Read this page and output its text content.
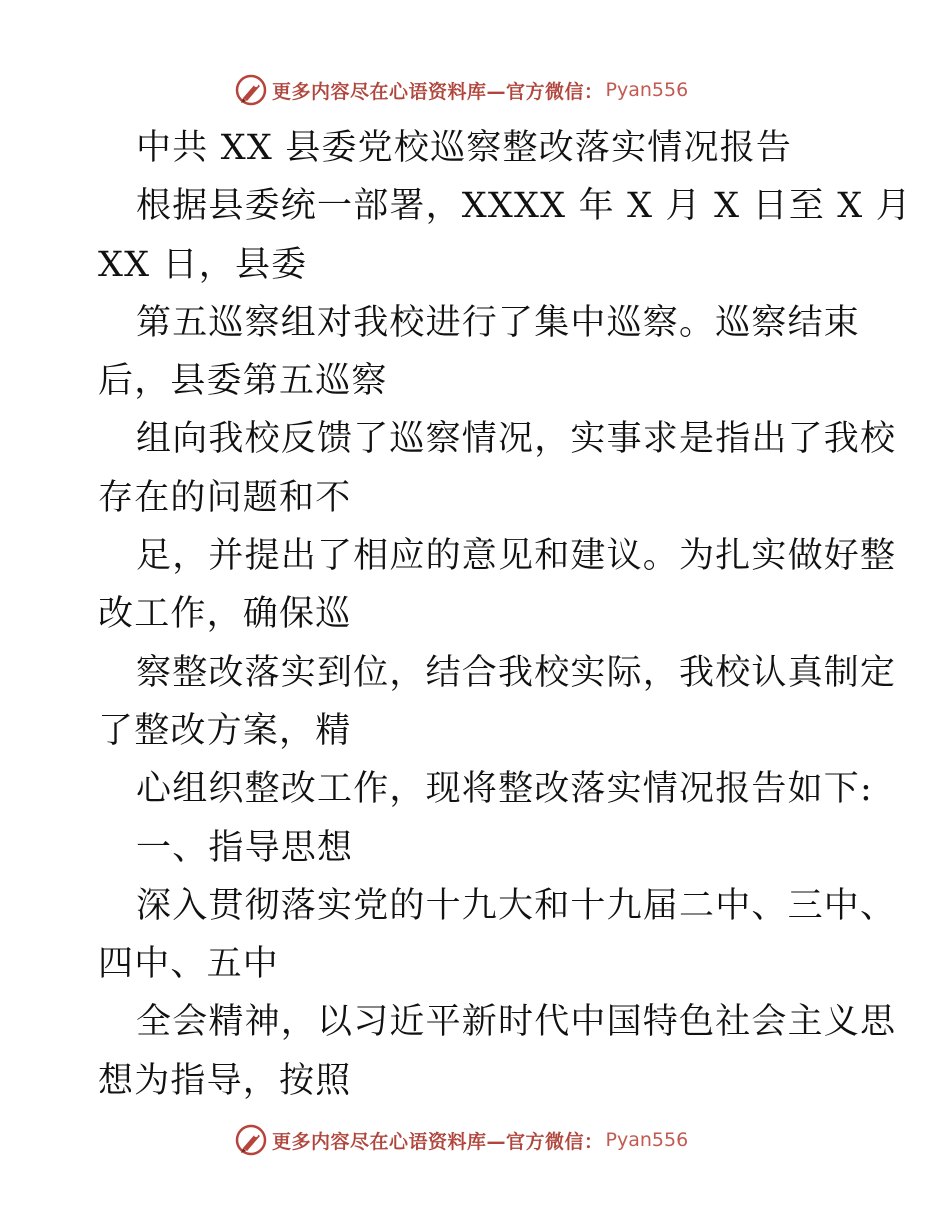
更多内容尽在心语资料库—官方微信： Pyan556
中共 XX 县委党校巡察整改落实情况报告
根据县委统一部署，XXXX 年 X 月 X 日至 X 月
XX 日，县委
第五巡察组对我校进行了集中巡察。巡察结束
后，县委第五巡察
组向我校反馈了巡察情况，实事求是指出了我校
存在的问题和不
足，并提出了相应的意见和建议。为扎实做好整
改工作，确保巡
察整改落实到位，结合我校实际，我校认真制定
了整改方案，精
心组织整改工作，现将整改落实情况报告如下:
一、指导思想
深入贯彻落实党的十九大和十九届二中、三中、
四中、五中
全会精神，以习近平新时代中国特色社会主义思
想为指导，按照
更多内容尽在心语资料库—官方微信： Pyan556
